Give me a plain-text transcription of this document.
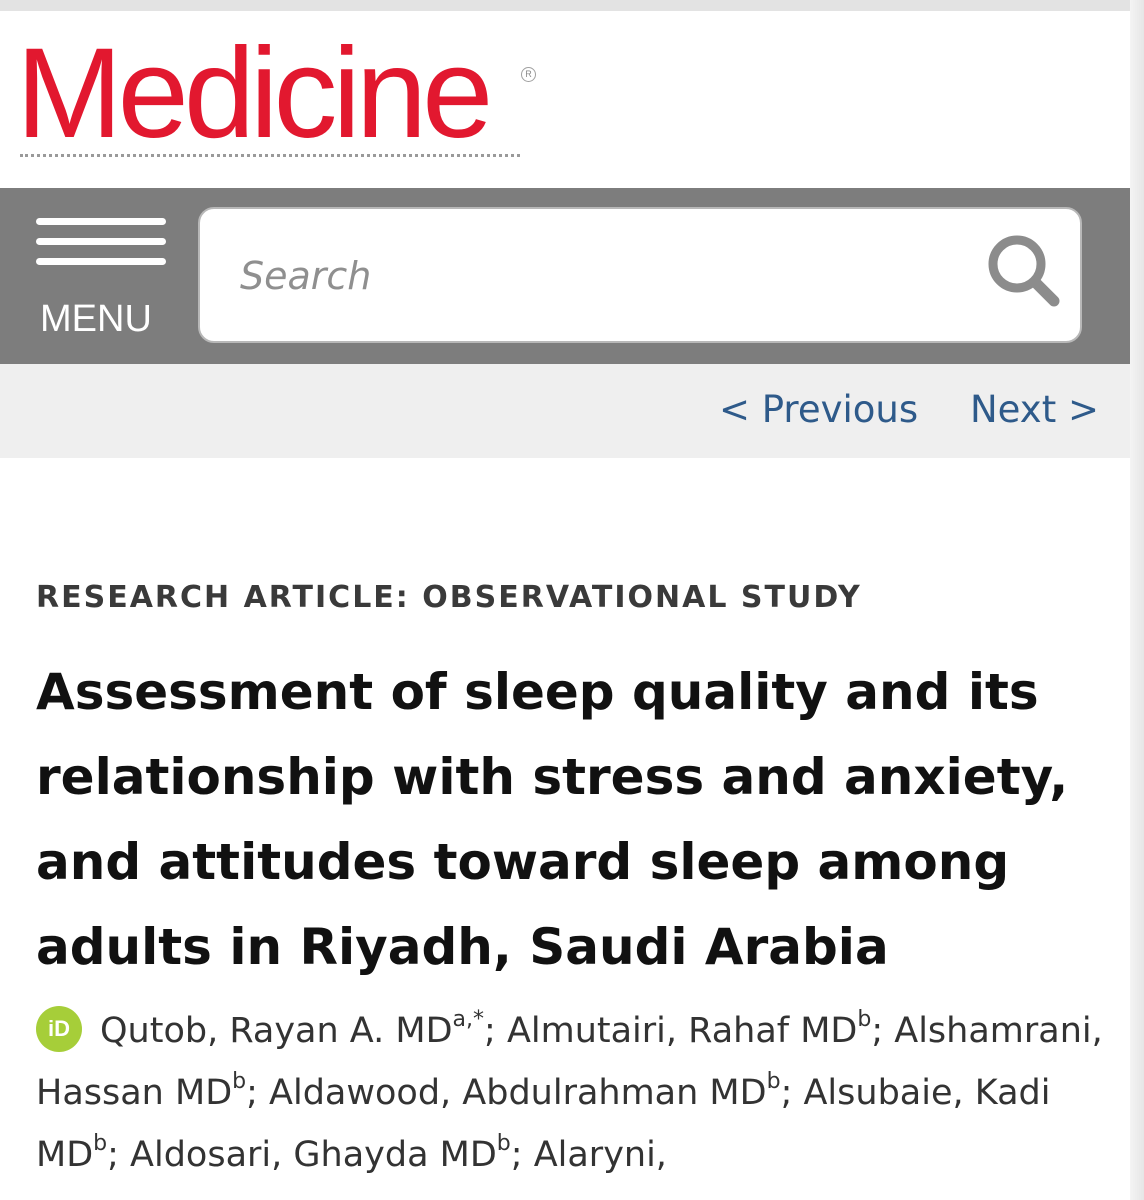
Medicine	R
MENU
Search
< Previous Next >
RESEARCH ARTICLE: OBSERVATIONAL STUDY
Assessment of sleep quality and its relationship with stress and anxiety, and attitudes toward sleep among adults in Riyadh, Saudi Arabia
iD Qutob, Rayan A. MD$^{a,*}$; Almutairi, Rahaf MD$^b$; Alshamrani, Hassan MD$^b$; Aldawood, Abdulrahman MD$^b$; Alsubaie, Kadi MD$^b$; Aldosari, Ghayda MD$^b$; Alaryni,
